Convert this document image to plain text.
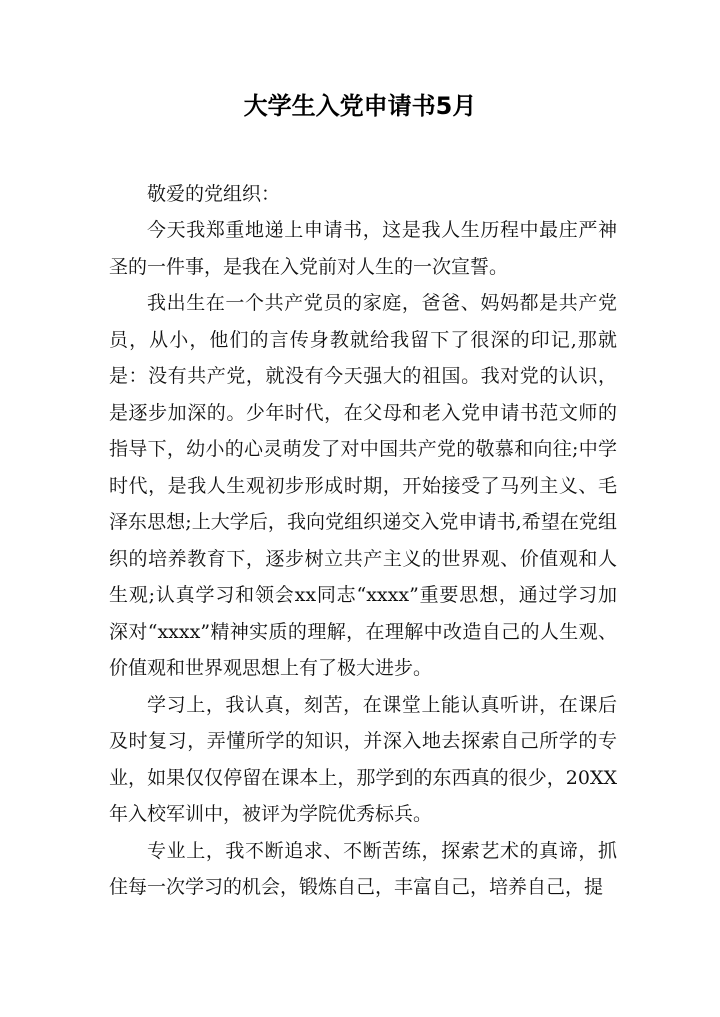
大学生入党申请书5月

敬爱的党组织：

今天我郑重地递上申请书，这是我人生历程中最庄严神圣的一件事，是我在入党前对人生的一次宣誓。

我出生在一个共产党员的家庭，爸爸、妈妈都是共产党员，从小，他们的言传身教就给我留下了很深的印记,那就是：没有共产党，就没有今天强大的祖国。我对党的认识，是逐步加深的。少年时代，在父母和老入党申请书范文师的指导下，幼小的心灵萌发了对中国共产党的敬慕和向往;中学时代，是我人生观初步形成时期，开始接受了马列主义、毛泽东思想;上大学后，我向党组织递交入党申请书,希望在党组织的培养教育下，逐步树立共产主义的世界观、价值观和人生观;认真学习和领会xx同志“xxxx”重要思想，通过学习加深对“xxxx”精神实质的理解，在理解中改造自己的人生观、价值观和世界观思想上有了极大进步。

学习上，我认真，刻苦，在课堂上能认真听讲，在课后及时复习，弄懂所学的知识，并深入地去探索自己所学的专业，如果仅仅停留在课本上，那学到的东西真的很少，20XX年入校军训中，被评为学院优秀标兵。

专业上，我不断追求、不断苦练，探索艺术的真谛，抓住每一次学习的机会，锻炼自己，丰富自己，培养自己，提
